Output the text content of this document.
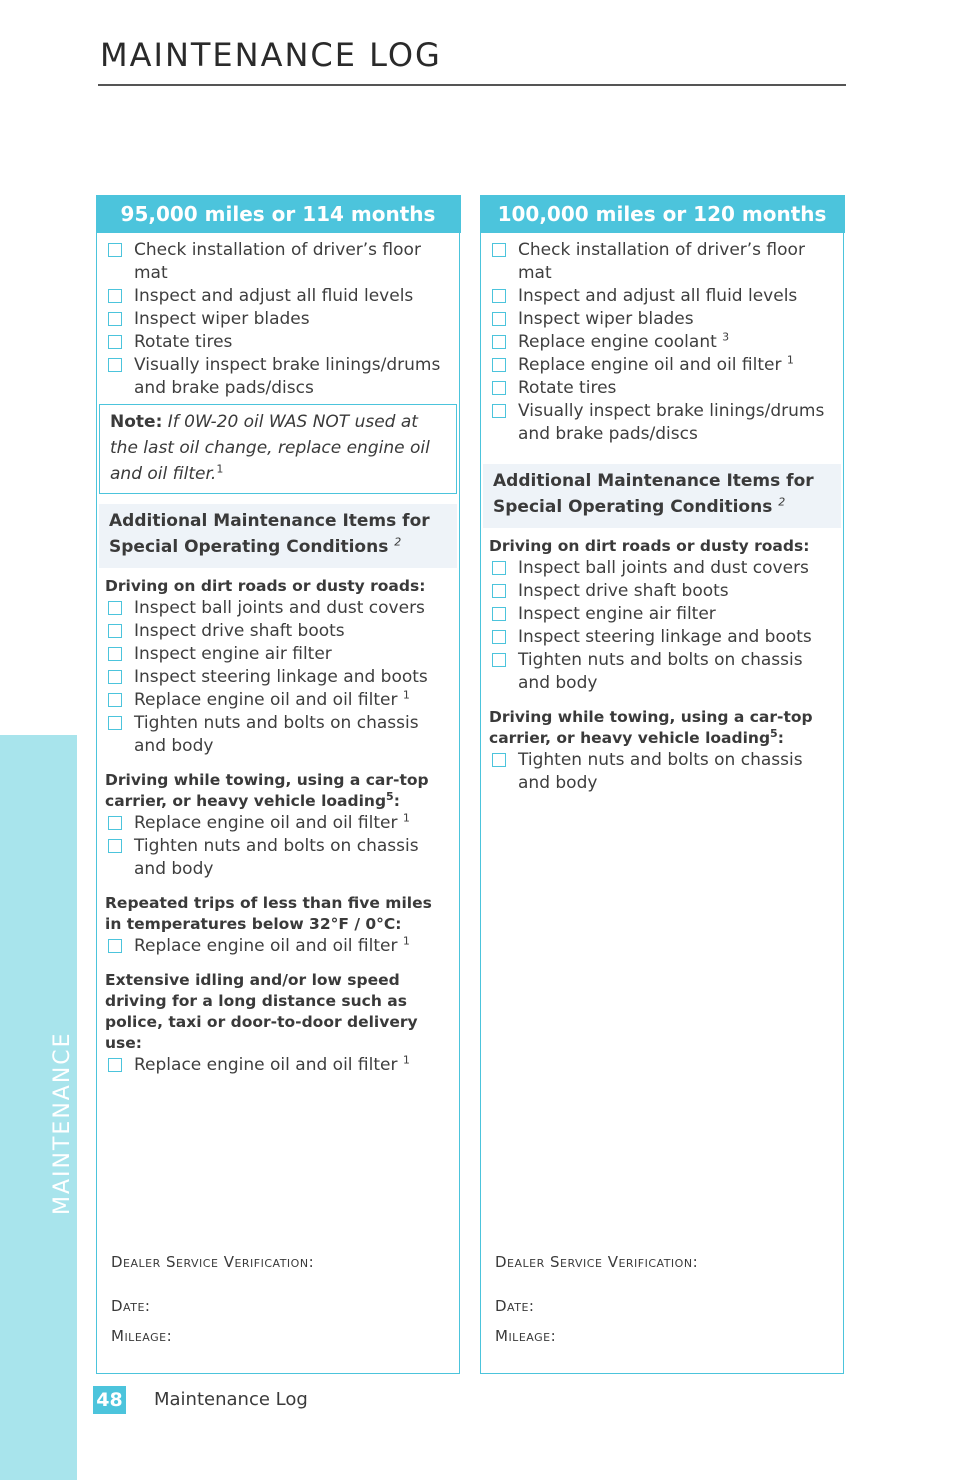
MAINTENANCE LOG
MAINTENANCE
95,000 miles or 114 months
Check installation of driver’s floor mat
Inspect and adjust all fluid levels
Inspect wiper blades
Rotate tires
Visually inspect brake linings/drums and brake pads/discs
Note: If 0W-20 oil WAS NOT used at the last oil change, replace engine oil and oil filter.$^1$
Additional Maintenance Items for Special Operating Conditions $^2$
Driving on dirt roads or dusty roads:
Inspect ball joints and dust covers
Inspect drive shaft boots
Inspect engine air filter
Inspect steering linkage and boots
Replace engine oil and oil filter $^1$
Tighten nuts and bolts on chassis and body
Driving while towing, using a car-top carrier, or heavy vehicle loading$^5$:
Replace engine oil and oil filter $^1$
Tighten nuts and bolts on chassis and body
Repeated trips of less than five miles in temperatures below 32°F / 0°C:
Replace engine oil and oil filter $^1$
Extensive idling and/or low speed driving for a long distance such as police, taxi or door-to-door delivery use:
Replace engine oil and oil filter $^1$
Dealer Service Verification:
Date:
Mileage:
100,000 miles or 120 months
Check installation of driver’s floor mat
Inspect and adjust all fluid levels
Inspect wiper blades
Replace engine coolant $^3$
Replace engine oil and oil filter $^1$
Rotate tires
Visually inspect brake linings/drums and brake pads/discs
Additional Maintenance Items for Special Operating Conditions $^2$
Driving on dirt roads or dusty roads:
Inspect ball joints and dust covers
Inspect drive shaft boots
Inspect engine air filter
Inspect steering linkage and boots
Tighten nuts and bolts on chassis and body
Driving while towing, using a car-top carrier, or heavy vehicle loading$^5$:
Tighten nuts and bolts on chassis and body
Dealer Service Verification:
Date:
Mileage:
48 Maintenance Log
